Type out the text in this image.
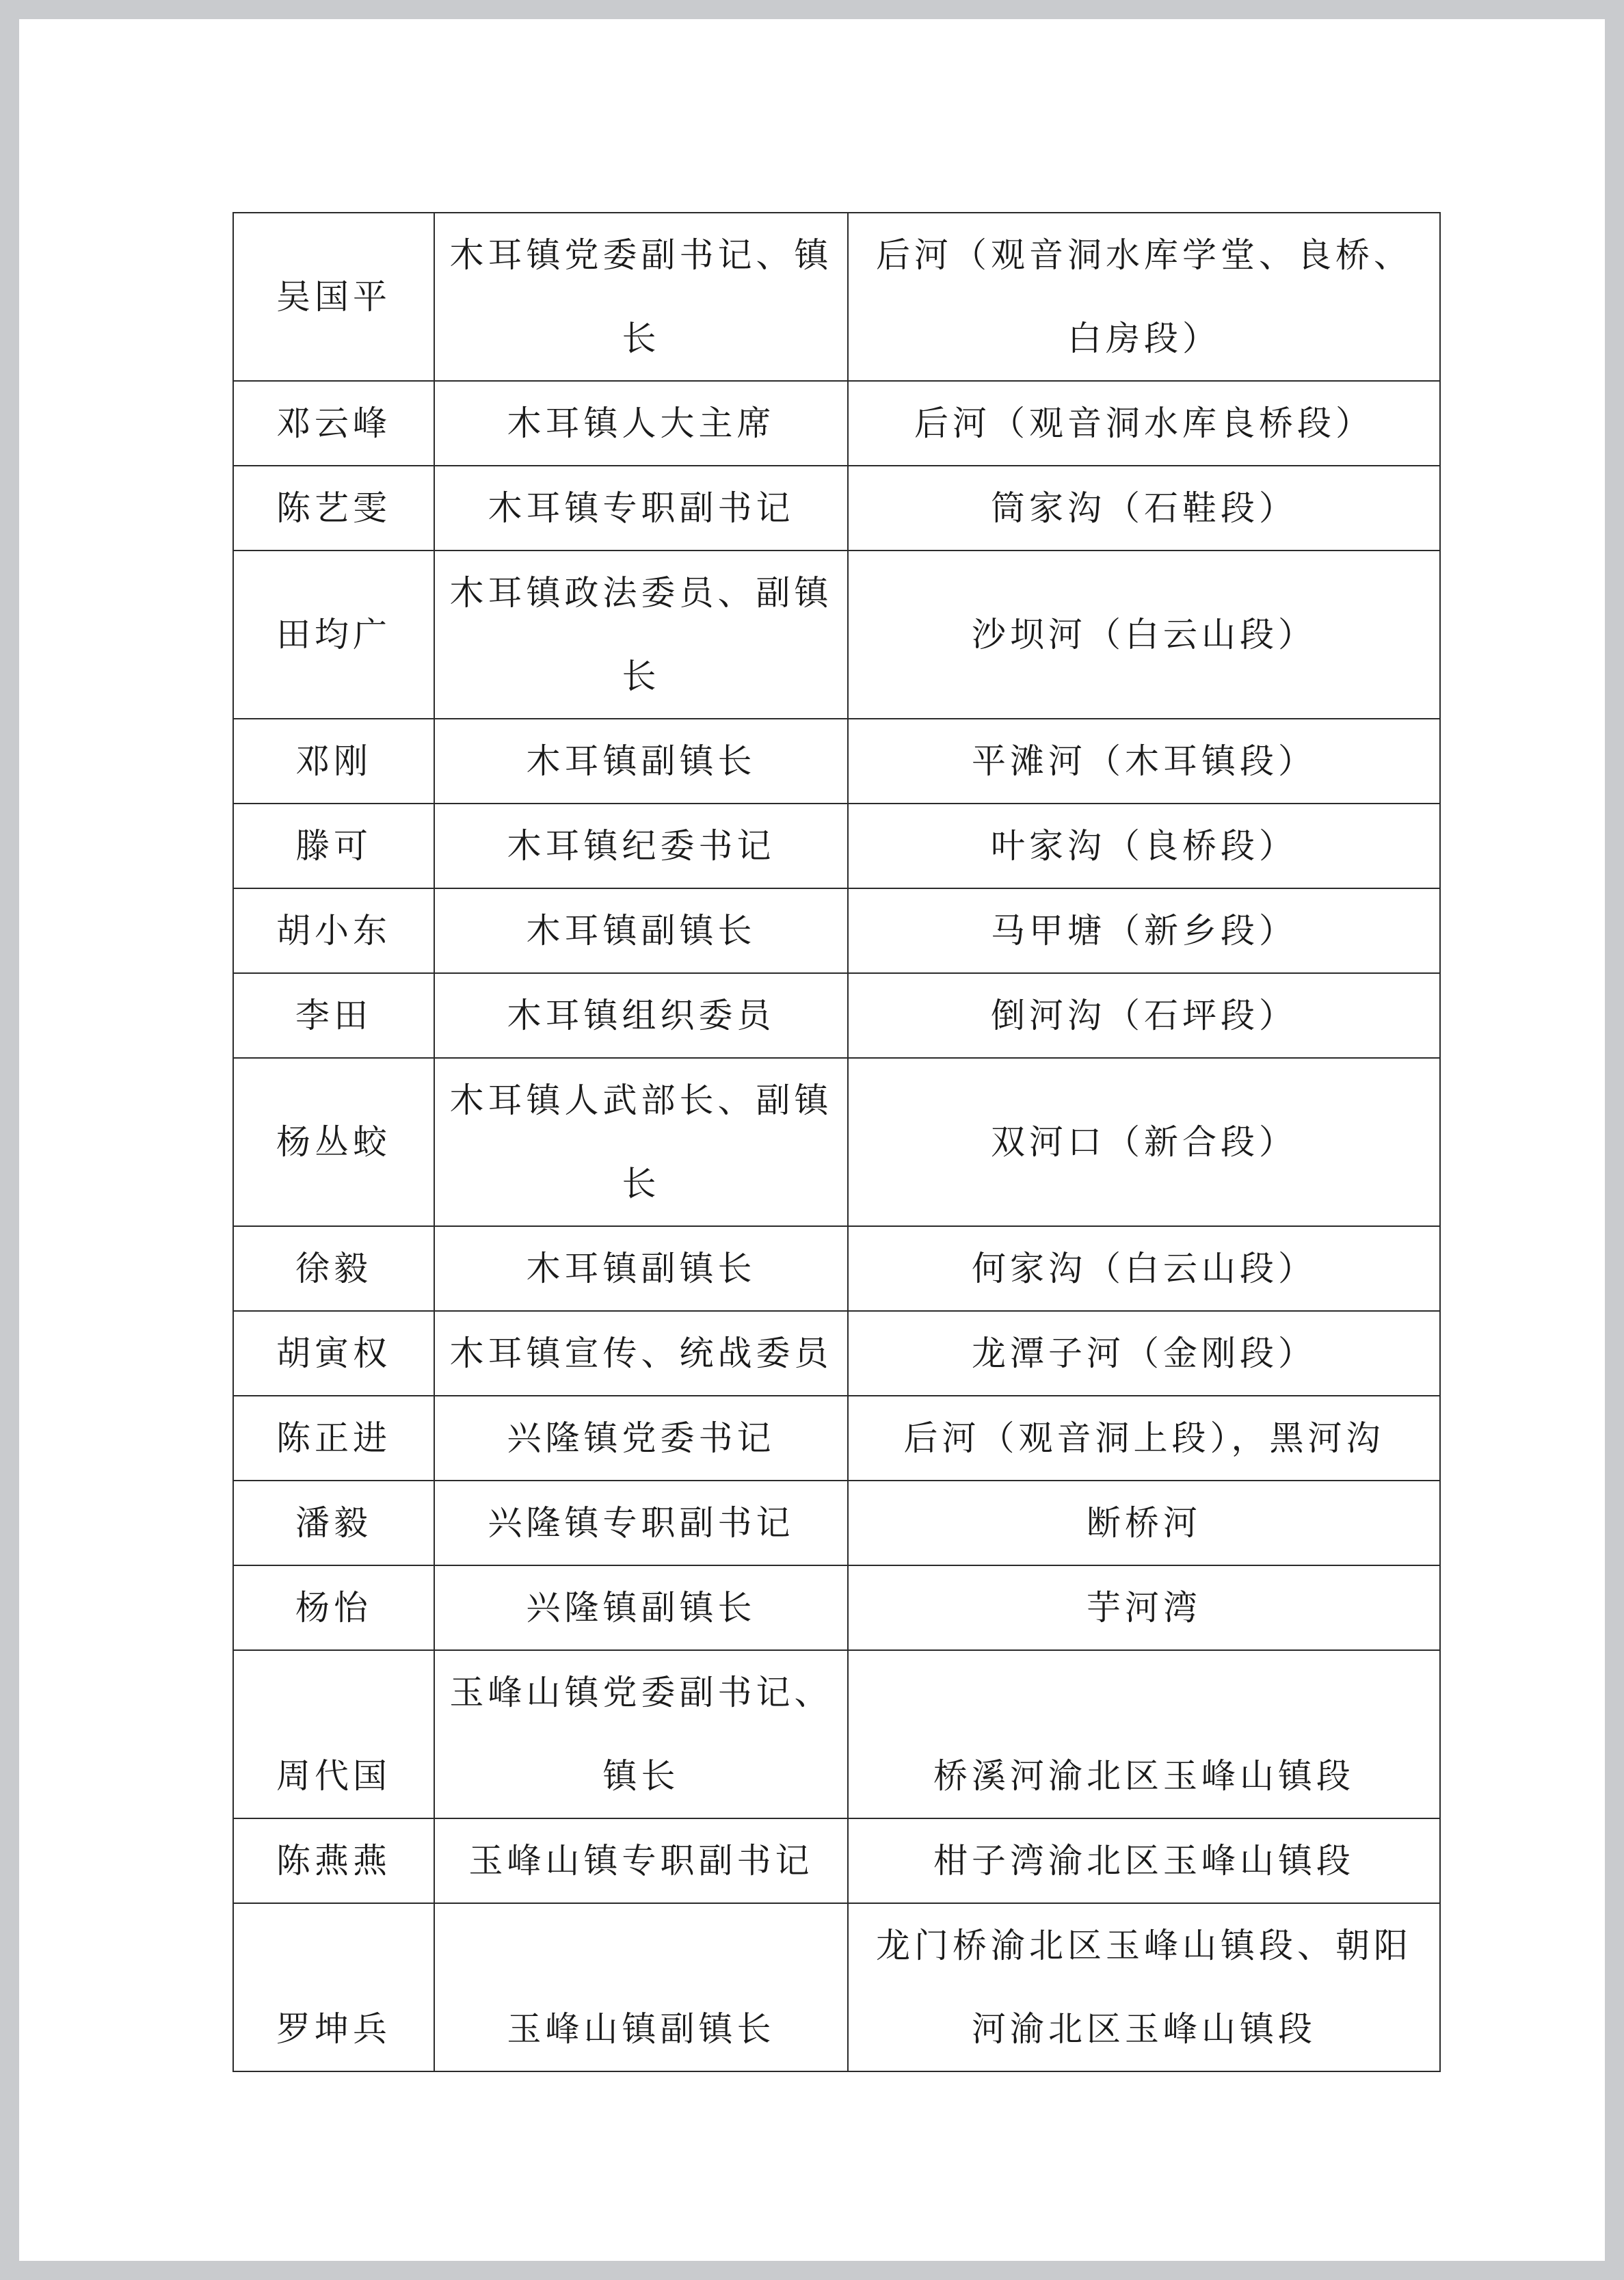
吴国平	木耳镇党委副书记、镇长	后河（观音洞水库学堂、良桥、白房段）
邓云峰	木耳镇人大主席	后河（观音洞水库良桥段）
陈艺雯	木耳镇专职副书记	筒家沟（石鞋段）
田均广	木耳镇政法委员、副镇长	沙坝河（白云山段）
邓刚	木耳镇副镇长	平滩河（木耳镇段）
滕可	木耳镇纪委书记	叶家沟（良桥段）
胡小东	木耳镇副镇长	马甲塘（新乡段）
李田	木耳镇组织委员	倒河沟（石坪段）
杨丛蛟	木耳镇人武部长、副镇长	双河口（新合段）
徐毅	木耳镇副镇长	何家沟（白云山段）
胡寅权	木耳镇宣传、统战委员	龙潭子河（金刚段）
陈正进	兴隆镇党委书记	后河（观音洞上段），黑河沟
潘毅	兴隆镇专职副书记	断桥河
杨怡	兴隆镇副镇长	芋河湾
周代国	玉峰山镇党委副书记、镇长	桥溪河渝北区玉峰山镇段
陈燕燕	玉峰山镇专职副书记	柑子湾渝北区玉峰山镇段
罗坤兵	玉峰山镇副镇长	龙门桥渝北区玉峰山镇段、朝阳河渝北区玉峰山镇段
